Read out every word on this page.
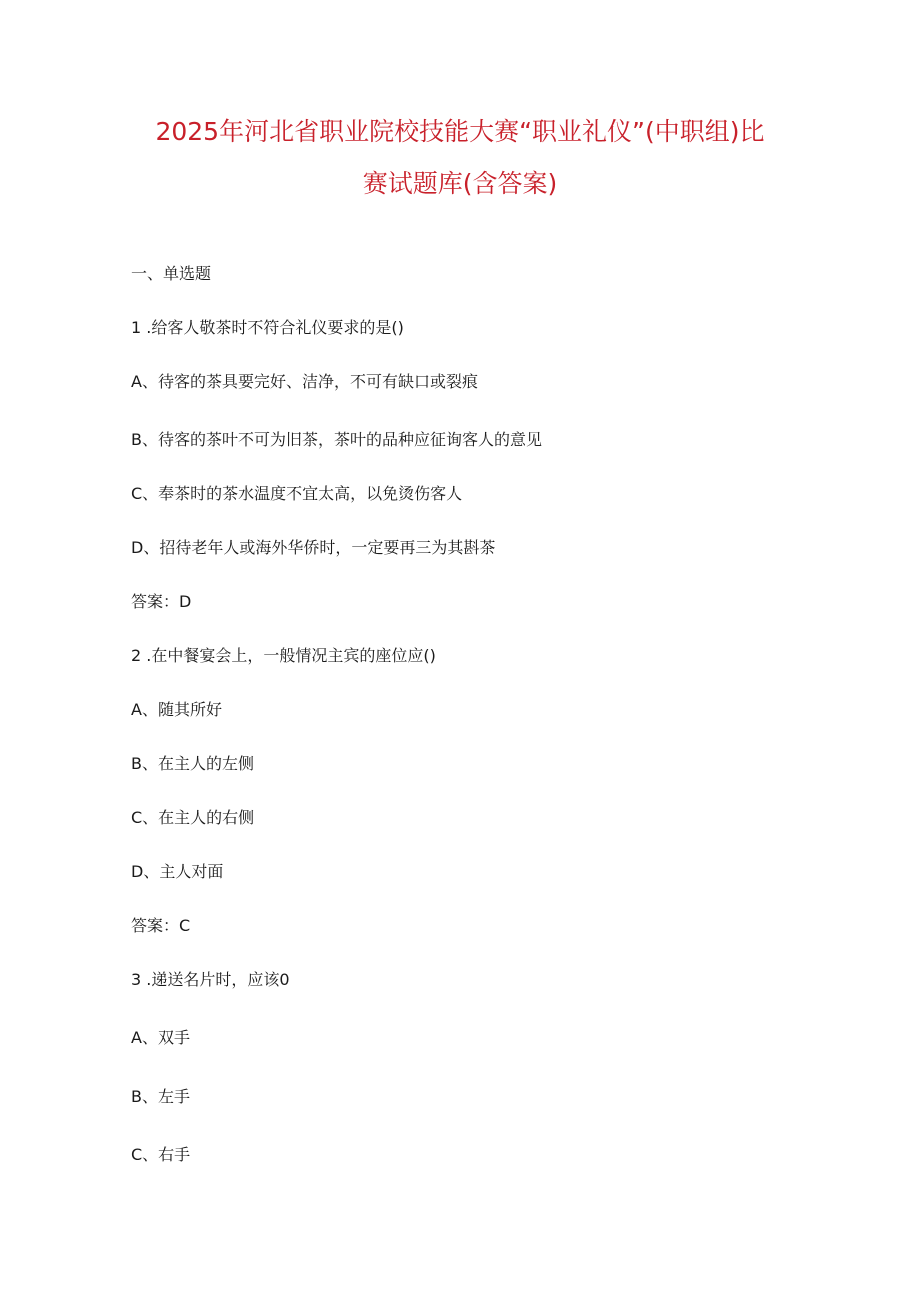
2025年河北省职业院校技能大赛“职业礼仪”(中职组)比
赛试题库(含答案)
一、单选题
1 .给客人敬茶时不符合礼仪要求的是()
A、待客的茶具要完好、洁净，不可有缺口或裂痕
B、待客的茶叶不可为旧茶，茶叶的品种应征询客人的意见
C、奉茶时的茶水温度不宜太高，以免烫伤客人
D、招待老年人或海外华侨时，一定要再三为其斟茶
答案：D
2 .在中餐宴会上，一般情况主宾的座位应()
A、随其所好
B、在主人的左侧
C、在主人的右侧
D、主人对面
答案：C
3 .递送名片时，应该0
A、双手
B、左手
C、右手
